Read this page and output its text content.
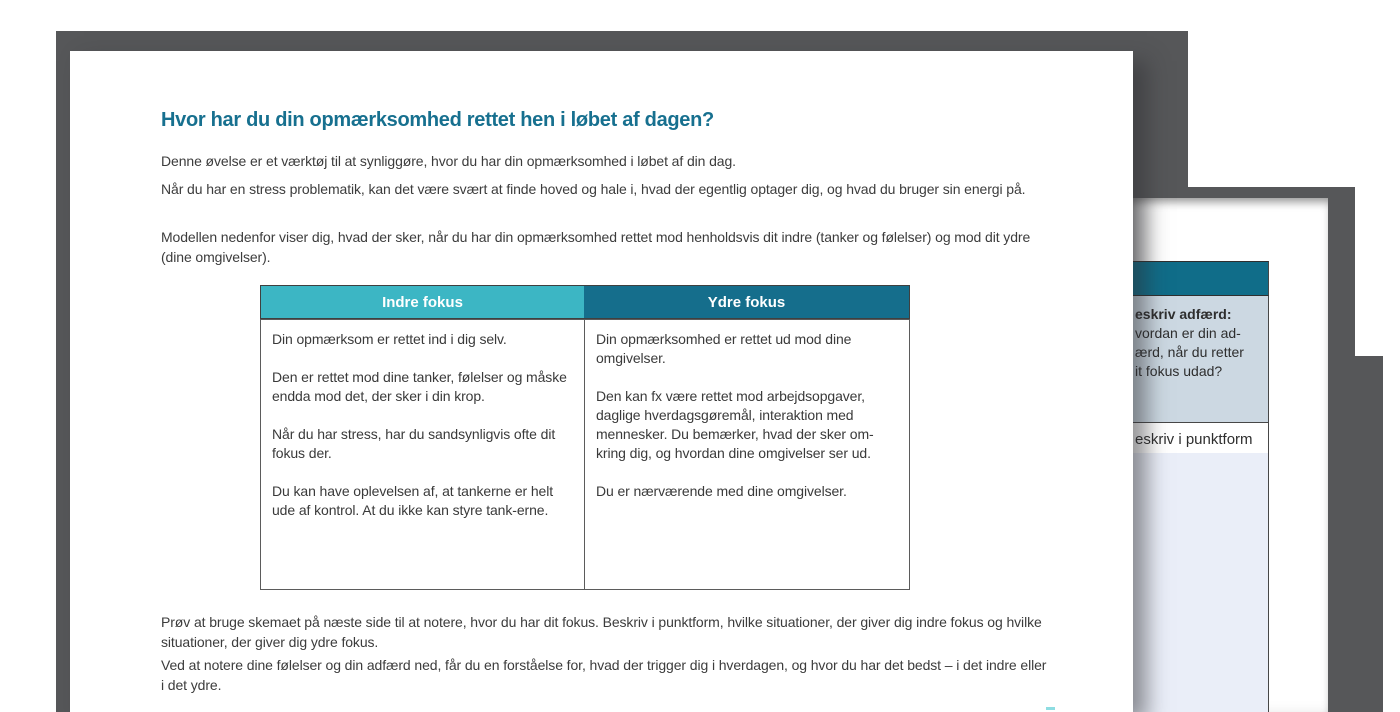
Hvor har du din opmærksomhed rettet hen i løbet af dagen?

Denne øvelse er et værktøj til at synliggøre, hvor du har din opmærksomhed i løbet af din dag.

Når du har en stress problematik, kan det være svært at finde hoved og hale i, hvad der egentlig optager dig, og hvad du bruger sin energi på.

Modellen nedenfor viser dig, hvad der sker, når du har din opmærksomhed rettet mod henholdsvis dit indre (tanker og følelser) og mod dit ydre (dine omgivelser).

Indre fokus	Ydre fokus

Din opmærksom er rettet ind i dig selv.

Den er rettet mod dine tanker, følelser og måske endda mod det, der sker i din krop.

Når du har stress, har du sandsynligvis ofte dit fokus der.

Du kan have oplevelsen af, at tankerne er helt ude af kontrol. At du ikke kan styre tank-erne.

Din opmærksomhed er rettet ud mod dine omgivelser.

Den kan fx være rettet mod arbejdsopgaver, daglige hverdagsgøremål, interaktion med mennesker. Du bemærker, hvad der sker om-kring dig, og hvordan dine omgivelser ser ud.

Du er nærværende med dine omgivelser.

Prøv at bruge skemaet på næste side til at notere, hvor du har dit fokus. Beskriv i punktform, hvilke situationer, der giver dig indre fokus og hvilke situationer, der giver dig ydre fokus.

Ved at notere dine følelser og din adfærd ned, får du en forståelse for, hvad der trigger dig i hverdagen, og hvor du har det bedst – i det indre eller i det ydre.

eskriv adfærd:
vordan er din ad-
ærd, når du retter
it fokus udad?
eskriv i punktform
